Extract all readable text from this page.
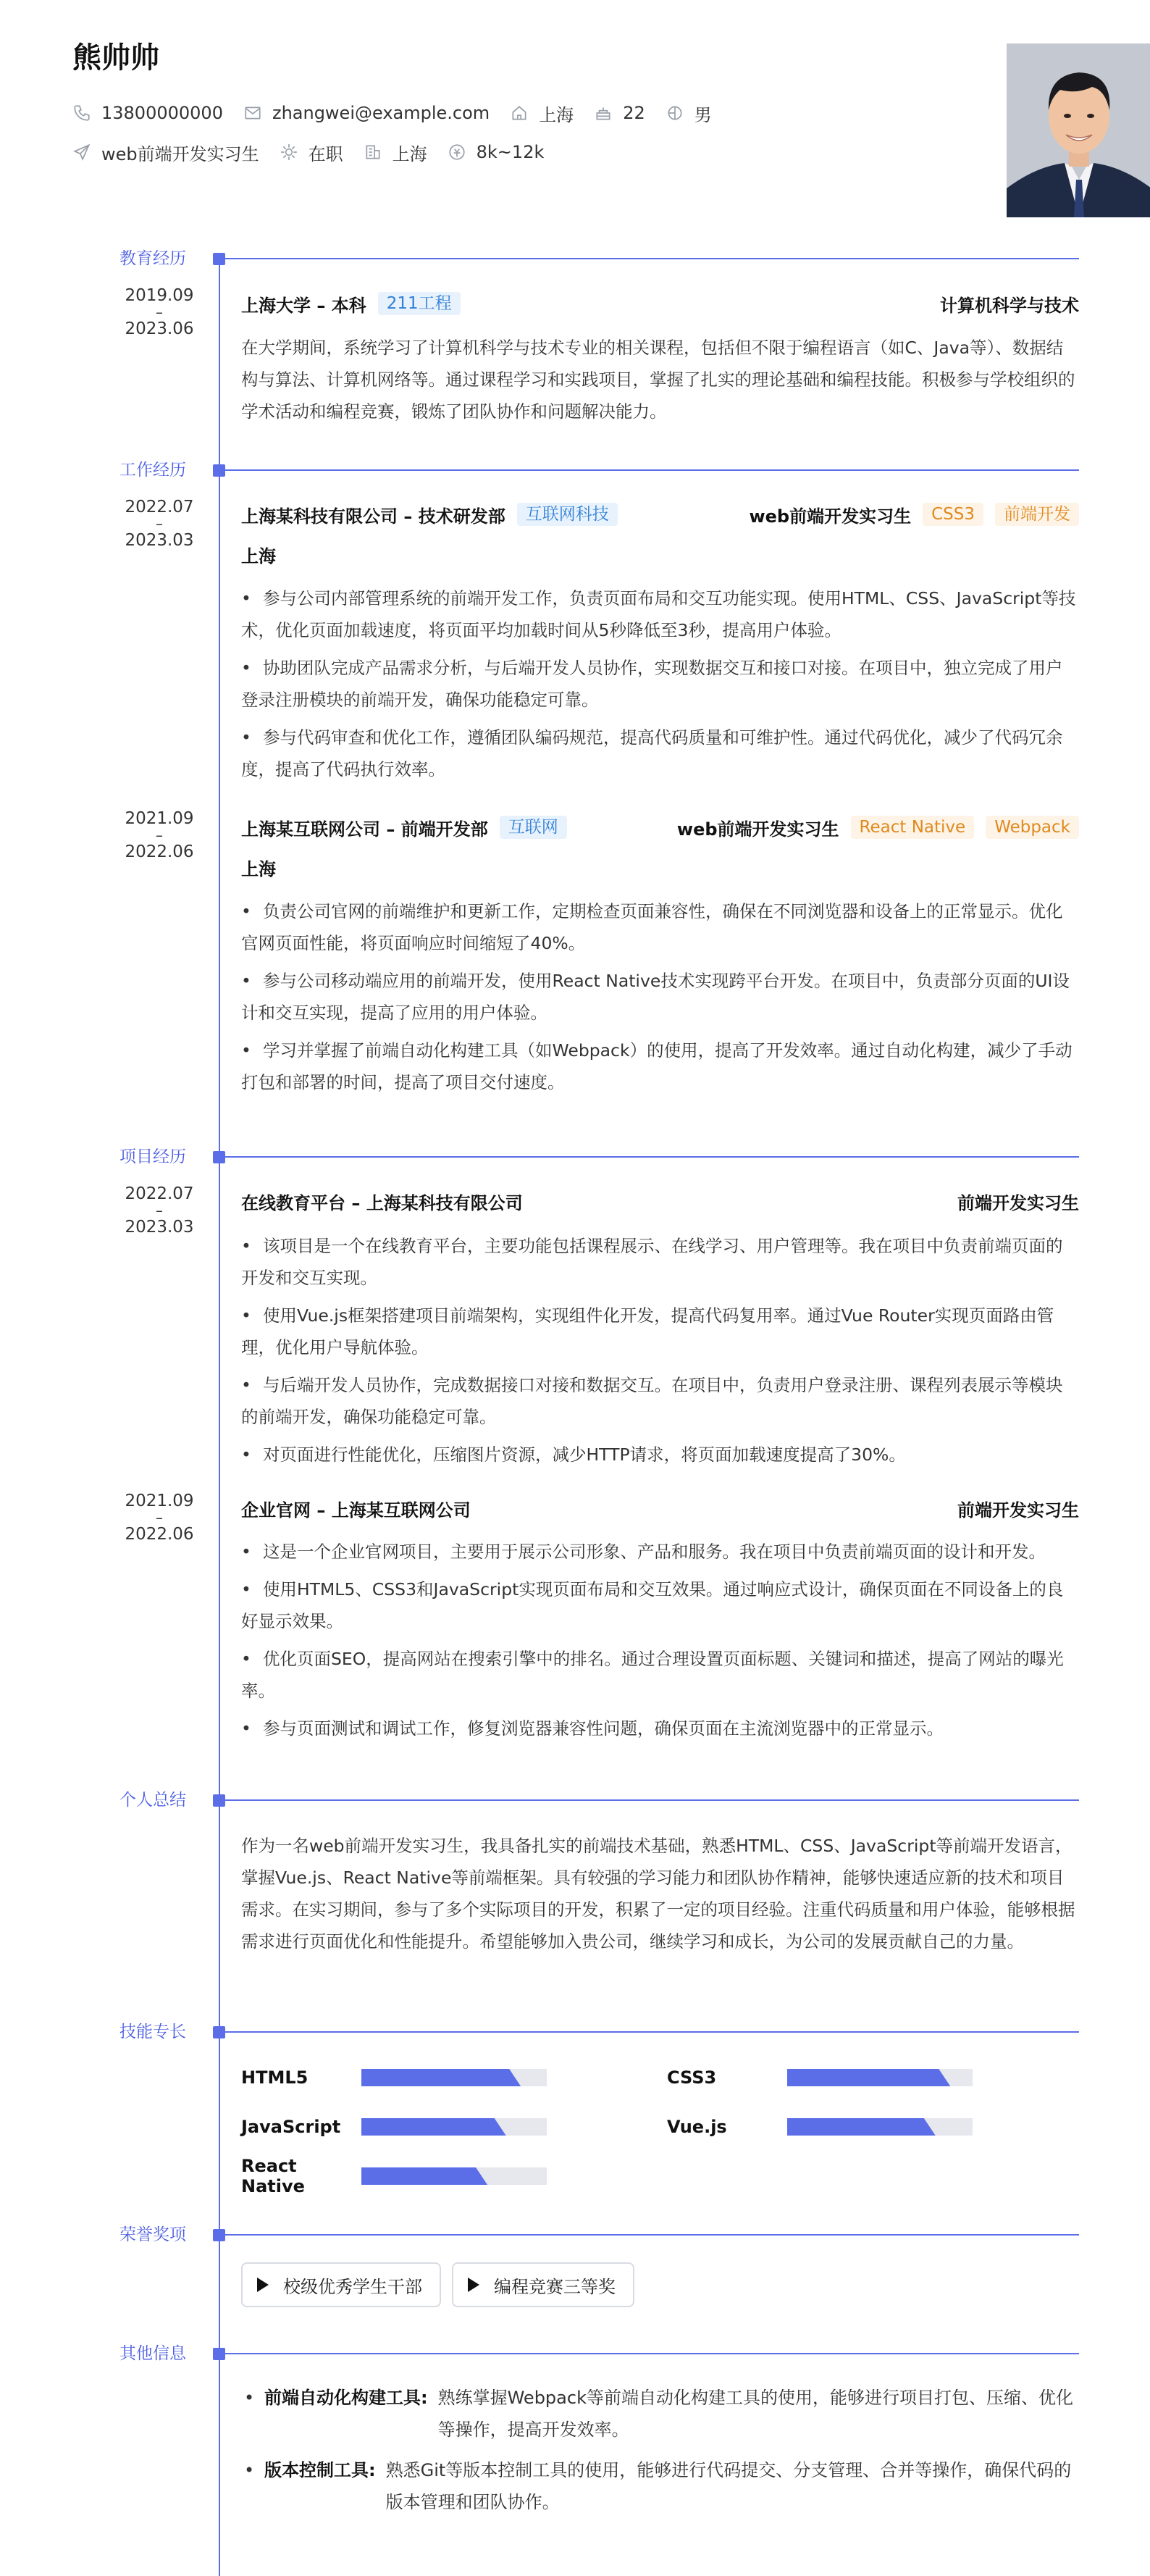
熊帅帅
13800000000	zhangwei@example.com	上海	22	男
web前端开发实习生	在职	上海	8k~12k
教育经历
2019.09
–
2023.06
上海大学 – 本科	211工程	计算机科学与技术
在大学期间，系统学习了计算机科学与技术专业的相关课程，包括但不限于编程语言（如C、Java等）、数据结构与算法、计算机网络等。通过课程学习和实践项目，掌握了扎实的理论基础和编程技能。积极参与学校组织的学术活动和编程竞赛，锻炼了团队协作和问题解决能力。
工作经历
2022.07
–
2023.03
上海某科技有限公司 – 技术研发部	互联网科技	web前端开发实习生	CSS3	前端开发
上海
• 参与公司内部管理系统的前端开发工作，负责页面布局和交互功能实现。使用HTML、CSS、JavaScript等技术，优化页面加载速度，将页面平均加载时间从5秒降低至3秒，提高用户体验。
• 协助团队完成产品需求分析，与后端开发人员协作，实现数据交互和接口对接。在项目中，独立完成了用户登录注册模块的前端开发，确保功能稳定可靠。
• 参与代码审查和优化工作，遵循团队编码规范，提高代码质量和可维护性。通过代码优化，减少了代码冗余度，提高了代码执行效率。
2021.09
–
2022.06
上海某互联网公司 – 前端开发部	互联网	web前端开发实习生	React Native	Webpack
上海
• 负责公司官网的前端维护和更新工作，定期检查页面兼容性，确保在不同浏览器和设备上的正常显示。优化官网页面性能，将页面响应时间缩短了40%。
• 参与公司移动端应用的前端开发，使用React Native技术实现跨平台开发。在项目中，负责部分页面的UI设计和交互实现，提高了应用的用户体验。
• 学习并掌握了前端自动化构建工具（如Webpack）的使用，提高了开发效率。通过自动化构建，减少了手动打包和部署的时间，提高了项目交付速度。
项目经历
2022.07
–
2023.03
在线教育平台 – 上海某科技有限公司	前端开发实习生
• 该项目是一个在线教育平台，主要功能包括课程展示、在线学习、用户管理等。我在项目中负责前端页面的开发和交互实现。
• 使用Vue.js框架搭建项目前端架构，实现组件化开发，提高代码复用率。通过Vue Router实现页面路由管理，优化用户导航体验。
• 与后端开发人员协作，完成数据接口对接和数据交互。在项目中，负责用户登录注册、课程列表展示等模块的前端开发，确保功能稳定可靠。
• 对页面进行性能优化，压缩图片资源，减少HTTP请求，将页面加载速度提高了30%。
2021.09
–
2022.06
企业官网 – 上海某互联网公司	前端开发实习生
• 这是一个企业官网项目，主要用于展示公司形象、产品和服务。我在项目中负责前端页面的设计和开发。
• 使用HTML5、CSS3和JavaScript实现页面布局和交互效果。通过响应式设计，确保页面在不同设备上的良好显示效果。
• 优化页面SEO，提高网站在搜索引擎中的排名。通过合理设置页面标题、关键词和描述，提高了网站的曝光率。
• 参与页面测试和调试工作，修复浏览器兼容性问题，确保页面在主流浏览器中的正常显示。
个人总结
作为一名web前端开发实习生，我具备扎实的前端技术基础，熟悉HTML、CSS、JavaScript等前端开发语言，掌握Vue.js、React Native等前端框架。具有较强的学习能力和团队协作精神，能够快速适应新的技术和项目需求。在实习期间，参与了多个实际项目的开发，积累了一定的项目经验。注重代码质量和用户体验，能够根据需求进行页面优化和性能提升。希望能够加入贵公司，继续学习和成长，为公司的发展贡献自己的力量。
技能专长
HTML5	CSS3
JavaScript	Vue.js
React Native
荣誉奖项
校级优秀学生干部	编程竞赛三等奖
其他信息
• 前端自动化构建工具: 熟练掌握Webpack等前端自动化构建工具的使用，能够进行项目打包、压缩、优化等操作，提高开发效率。
• 版本控制工具: 熟悉Git等版本控制工具的使用，能够进行代码提交、分支管理、合并等操作，确保代码的版本管理和团队协作。
